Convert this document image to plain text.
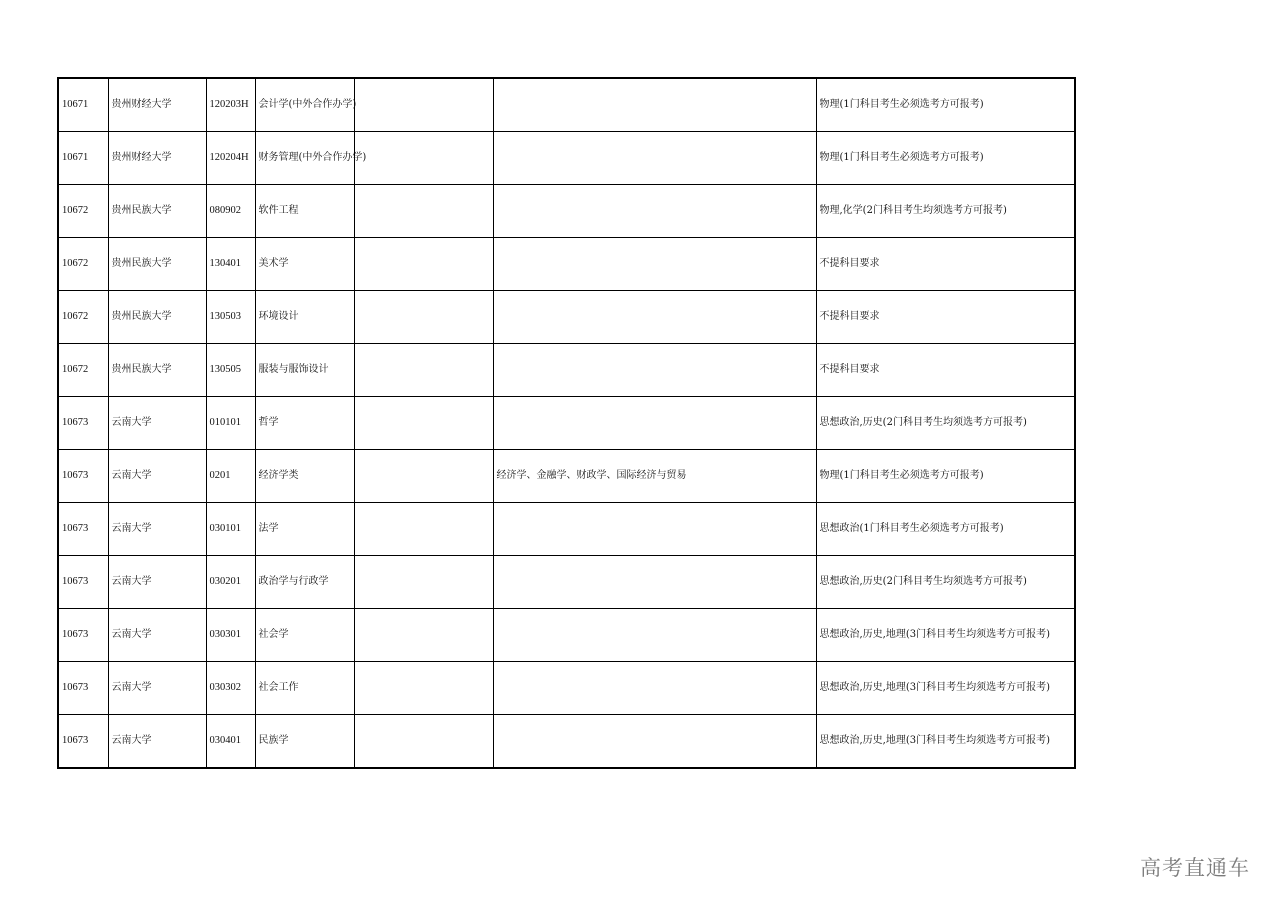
10671	贵州财经大学	120203H	会计学(中外合作办学)			物理(1门科目考生必须选考方可报考)
10671	贵州财经大学	120204H	财务管理(中外合作办学)			物理(1门科目考生必须选考方可报考)
10672	贵州民族大学	080902	软件工程			物理,化学(2门科目考生均须选考方可报考)
10672	贵州民族大学	130401	美术学			不提科目要求
10672	贵州民族大学	130503	环境设计			不提科目要求
10672	贵州民族大学	130505	服装与服饰设计			不提科目要求
10673	云南大学	010101	哲学			思想政治,历史(2门科目考生均须选考方可报考)
10673	云南大学	0201	经济学类		经济学、金融学、财政学、国际经济与贸易	物理(1门科目考生必须选考方可报考)
10673	云南大学	030101	法学			思想政治(1门科目考生必须选考方可报考)
10673	云南大学	030201	政治学与行政学			思想政治,历史(2门科目考生均须选考方可报考)
10673	云南大学	030301	社会学			思想政治,历史,地理(3门科目考生均须选考方可报考)
10673	云南大学	030302	社会工作			思想政治,历史,地理(3门科目考生均须选考方可报考)
10673	云南大学	030401	民族学			思想政治,历史,地理(3门科目考生均须选考方可报考)
高考直通车
